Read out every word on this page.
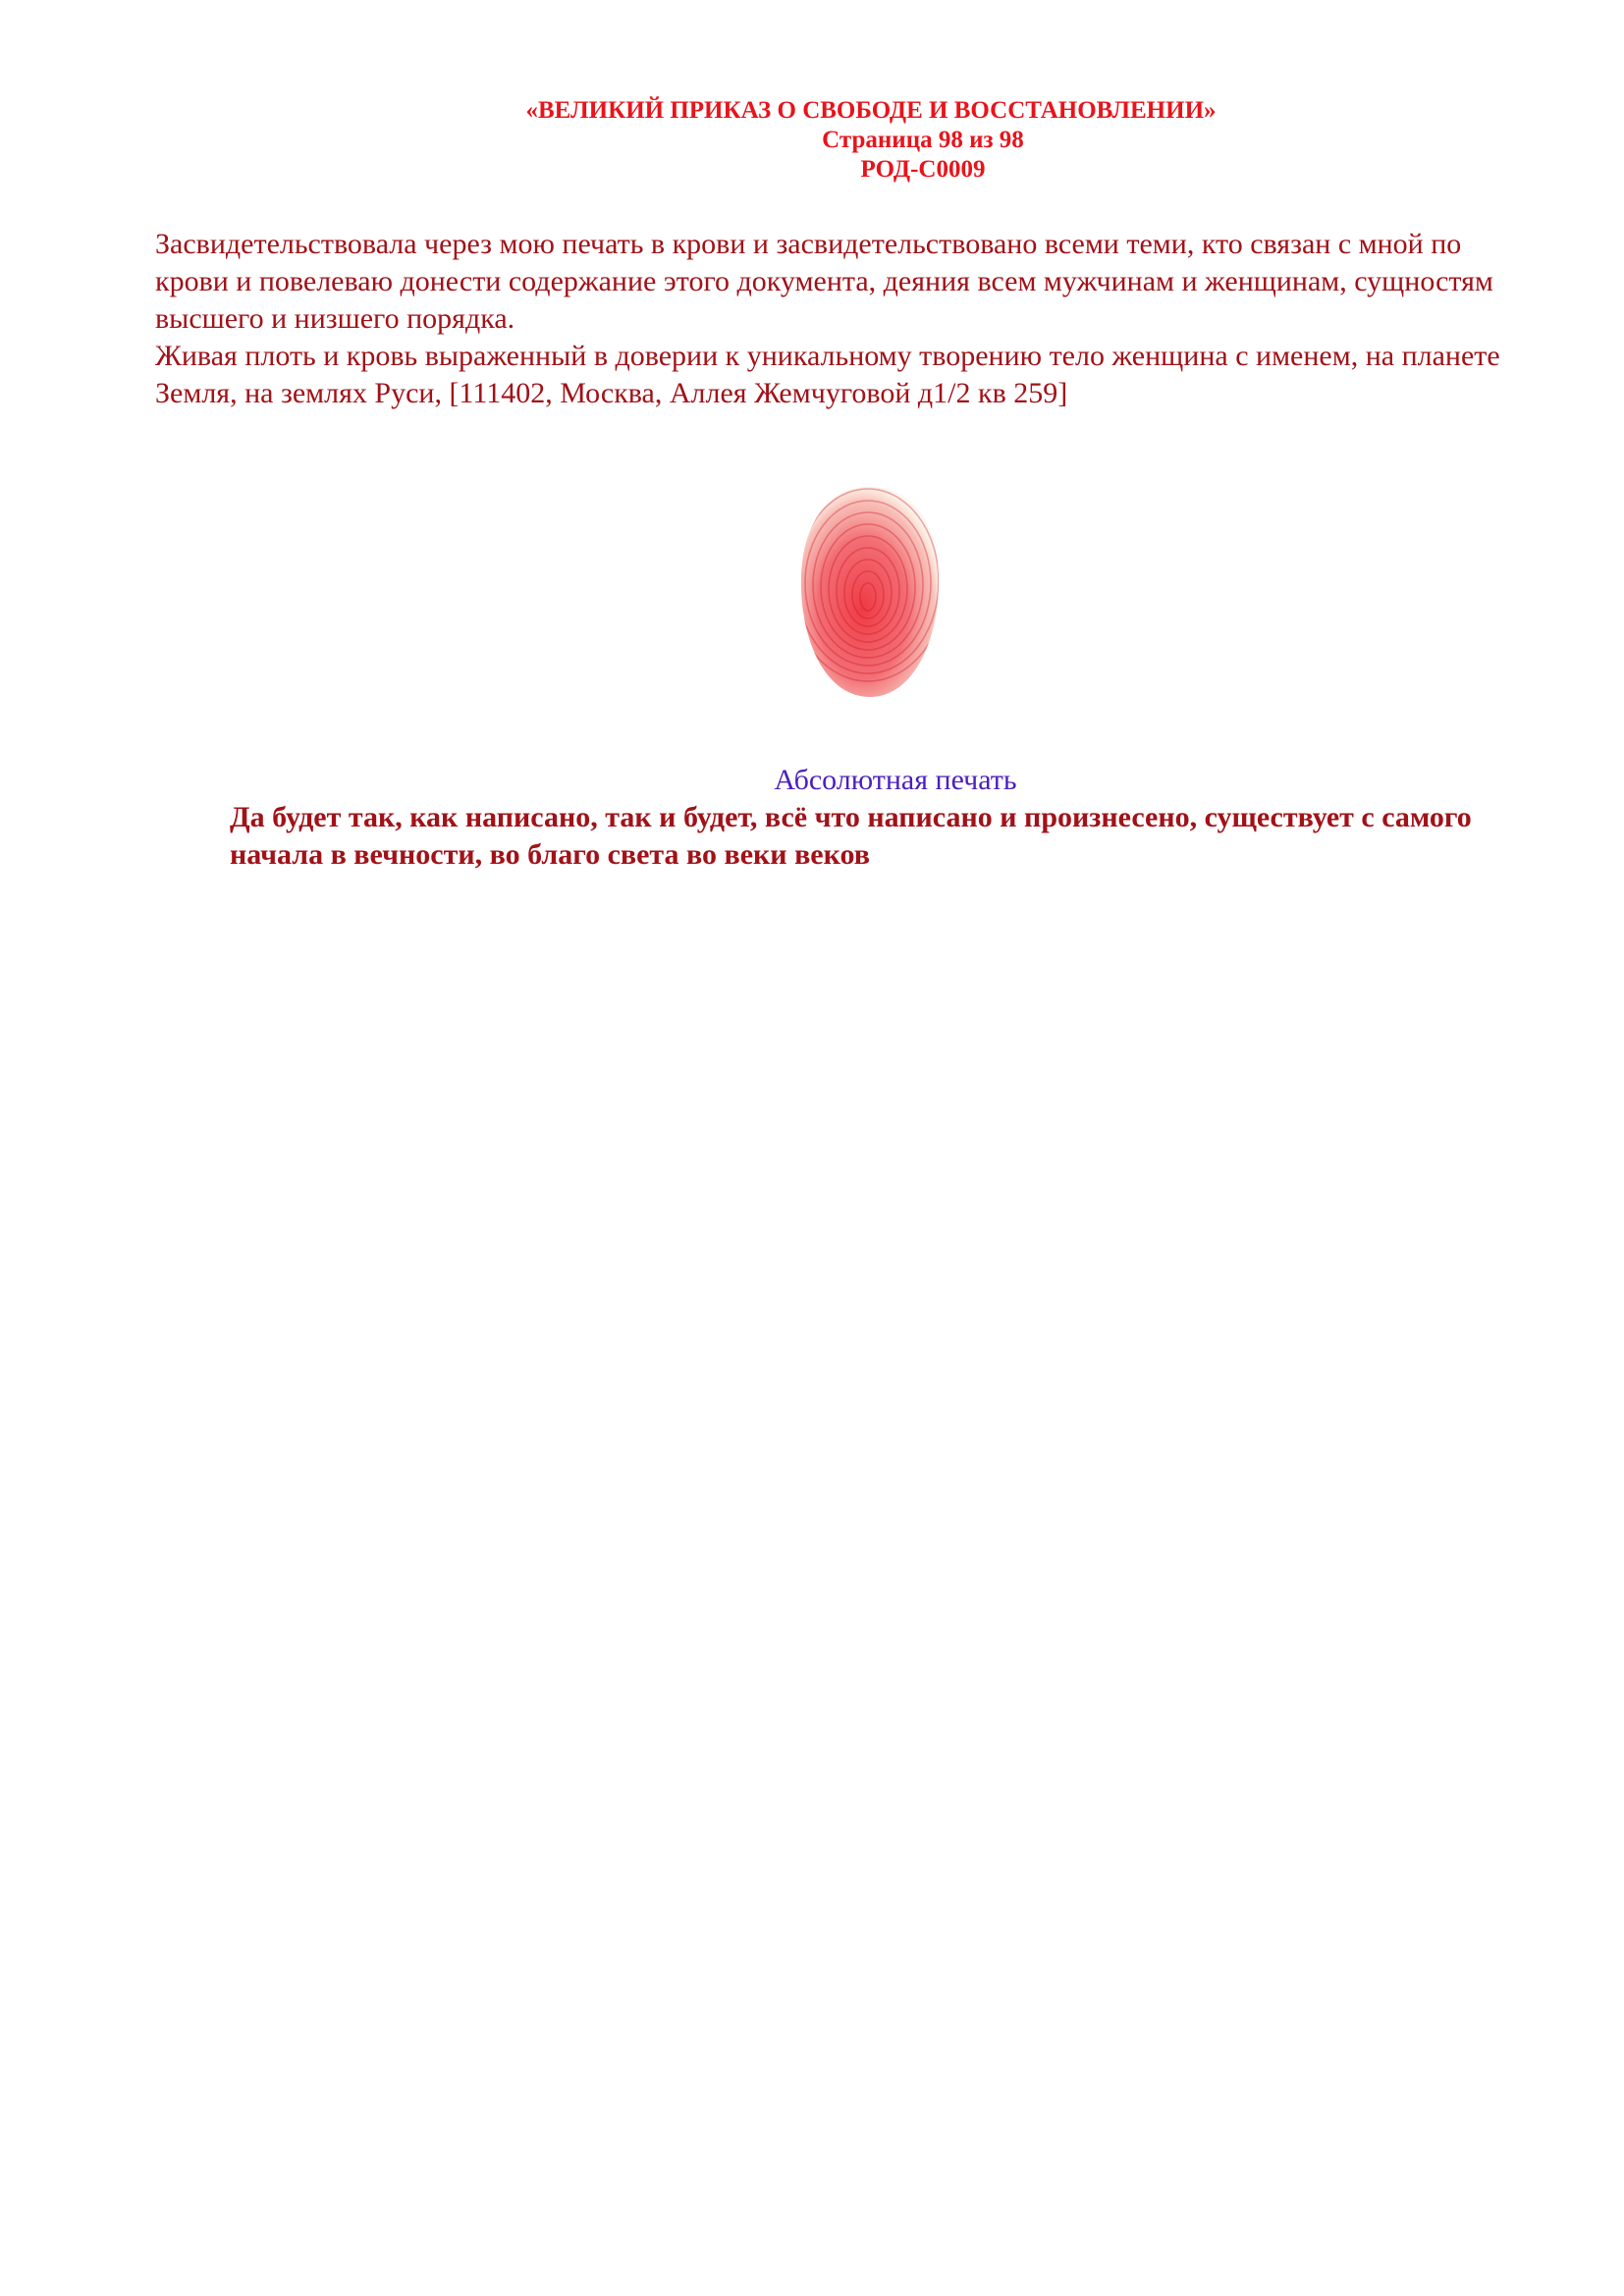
«ВЕЛИКИЙ ПРИКАЗ О СВОБОДЕ И ВОССТАНОВЛЕНИИ»
Страница 98 из 98
РОД-С0009

Засвидетельствовала через мою печать в крови и засвидетельствовано всеми теми, кто связан с мной по крови и повелеваю донести содержание этого документа, деяния всем мужчинам и женщинам, сущностям высшего и низшего порядка.

Живая плоть и кровь выраженный в доверии к уникальному творению тело женщина с именем, на планете Земля, на землях Руси, [111402, Москва, Аллея Жемчуговой д1/2 кв 259]

Абсолютная печать
Да будет так, как написано, так и будет, всё что написано и произнесено, существует с самого начала в вечности, во благо света во веки веков
